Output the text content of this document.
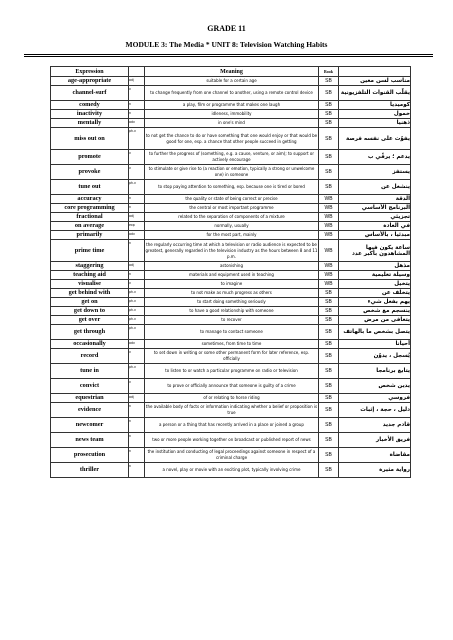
GRADE 11
MODULE 3: The Media * UNIT 8: Television Watching Habits
Expression		Meaning	Book	
age-appropriate	adj	suitable for a certain age	SB	مناسب لسن معين
channel-surf	v	to change frequently from one channel to another, using a remote control device	SB	يقلّب القنوات التلفزيونية
comedy	n	a play, film or programme that makes one laugh	SB	كوميديا
inactivity	n	idleness, immobility	SB	خمول
mentally	adv	in one's mind	SB	ذهنيا
miss out on	ph.v	to not get the chance to do or have something that one would enjoy or that would be good for one, esp. a chance that other people succeed in getting	SB	يفوّت على نفسه فرصة
promote	v	to further the progress of (something, e.g. a cause, venture, or aim); to support or actively encourage	SB	يدعم ؛ يرقّي ب
provoke	v	to stimulate or give rise to (a reaction or emotion, typically a strong or unwelcome one) in someone	SB	يستفز
tune out	ph.v	to stop paying attention to something, esp. because one is tired or bored	SB	ينشغل عن
accuracy	n	the quality or state of being correct or precise	WB	الدقة
core programming	n	the central or most important programme	WB	البرنامج الأساسي
fractional	adj	related to the separation of components of a mixture	WB	تجزيئي
on average	exp	normally, usually	WB	في العادة
primarily	adv	for the most part, mainly	WB	مبدئيا ، بالأساس
prime time	n	the regularly occurring time at which a television or radio audience is expected to be greatest, generally regarded in the television industry as the hours between 8 and 11 p.m.	WB	ساعة يكون فيها المشاهدون بأكبر عدد
staggering	adj	astonishing	WB	مذهل
teaching aid	n	materials and equipment used in teaching	WB	وسيلة تعليمية
visualise	v	to imagine	WB	يتخيل
get behind with	ph.v	to not make as much progress as others	SB	يتخلف عن
get on	ph.v	to start doing something seriously	SB	يهم بفعل شيء
get down to	ph.v	to have a good relationship with someone	SB	ينسجم مع شخص
get over	ph.v	to recover	SB	يتعافى من مرض
get through	ph.v	to manage to contact someone	SB	يتصل بشخص ما بالهاتف
occasionally	adv	sometimes, from time to time	SB	أحيانا
record	v	to set down in writing or some other permanent form for later reference, esp. officially	SB	يُسجل ، يدوّن
tune in	ph.v	to listen to or watch a particular programme on radio or television	SB	يتابع برنامجا
convict	v	to prove or officially announce that someone is guilty of a crime	SB	يدين شخص
equestrian	adj	of or relating to horse riding	SB	فروسي
evidence	n	the available body of facts or information indicating whether a belief or proposition is true	SB	دليل ، حجة ، إثبات
newcomer	n	a person or a thing that has recently arrived in a place or joined a group	SB	قادم جديد
news team	n	two or more people working together on broadcast or published report of news	SB	فريق الأخبار
prosecution	n	the institution and conducting of legal proceedings against someone in respect of a criminal charge	SB	مقاضاة
thriller	n	a novel, play or movie with an exciting plot, typically involving crime	SB	رواية مثيرة
